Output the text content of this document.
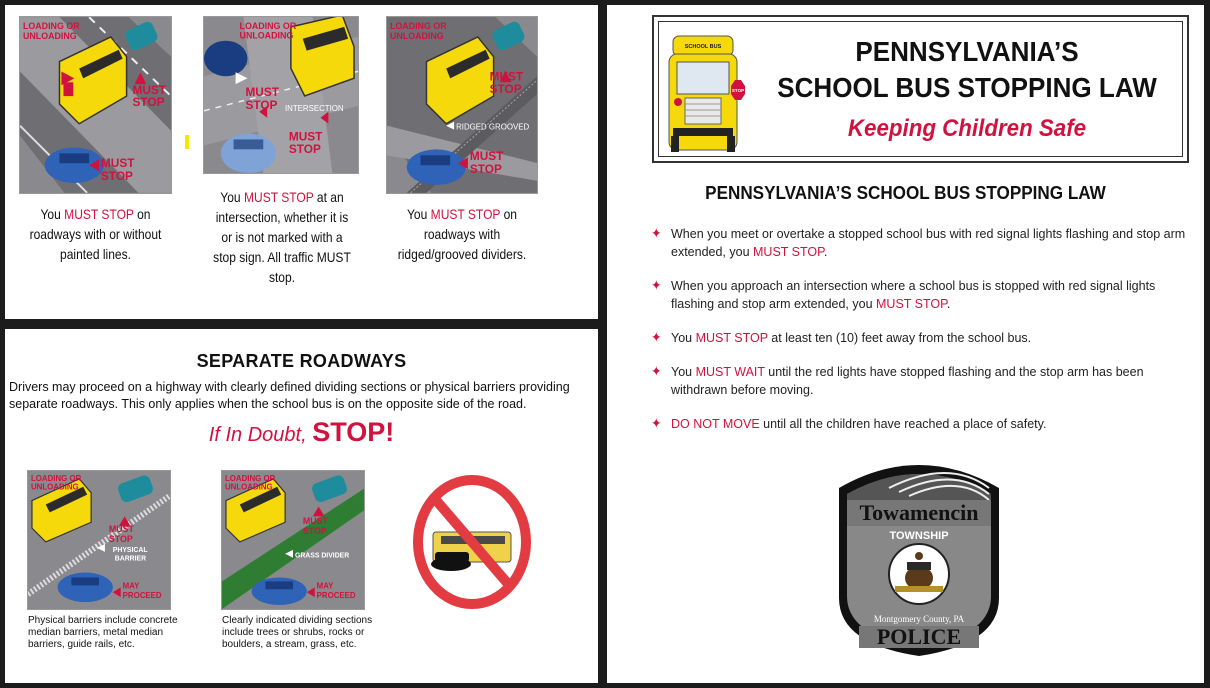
LOADING OR
UNLOADING
MUST
STOP
MUST
STOP
You MUST STOP on roadways with or without painted lines.
LOADING OR
UNLOADING
MUST
STOP INTERSECTION
MUST
STOP
You MUST STOP at an intersection, whether it is or is not marked with a stop sign. All traffic MUST stop.
LOADING OR
UNLOADING
MUST
STOP
RIDGED GROOVED
MUST
STOP
You MUST STOP on roadways with ridged/grooved dividers.
SEPARATE ROADWAYS
Drivers may proceed on a highway with clearly defined dividing sections or physical barriers providing separate roadways. This only applies when the school bus is on the opposite side of the road.
If In Doubt, STOP!
LOADING OR
UNLOADING
MUST
STOP
PHYSICAL
BARRIER
MAY
PROCEED
Physical barriers include concrete
median barriers, metal median
barriers, guide rails, etc.
LOADING OR
UNLOADING
MUST
STOP
GRASS DIVIDER
MAY
PROCEED
Clearly indicated dividing sections
include trees or shrubs, rocks or
boulders, a stream, grass, etc.
SCHOOL BUS
STOP
PENNSYLVANIA’S
SCHOOL BUS STOPPING LAW
Keeping Children Safe
PENNSYLVANIA’S SCHOOL BUS STOPPING LAW
✦ When you meet or overtake a stopped school bus with red signal lights flashing and stop arm extended, you MUST STOP.
✦ When you approach an intersection where a school bus is stopped with red signal lights flashing and stop arm extended, you MUST STOP.
✦ You MUST STOP at least ten (10) feet away from the school bus.
✦ You MUST WAIT until the red lights have stopped flashing and the stop arm has been withdrawn before moving.
✦ DO NOT MOVE until all the children have reached a place of safety.
Towamencin
TOWNSHIP
Montgomery County, PA
POLICE
